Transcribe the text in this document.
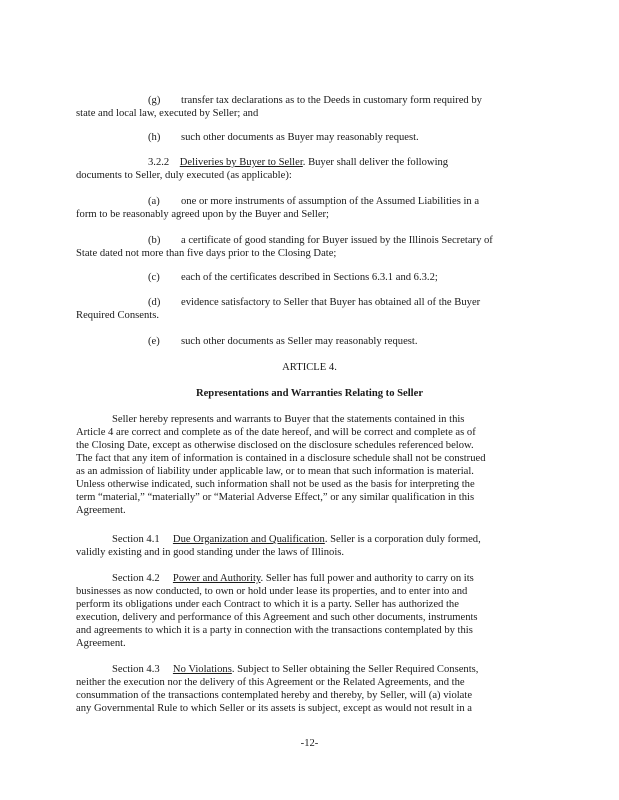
(g) transfer tax declarations as to the Deeds in customary form required by
state and local law, executed by Seller; and
(h) such other documents as Buyer may reasonably request.
3.2.2 Deliveries by Buyer to Seller. Buyer shall deliver the following
documents to Seller, duly executed (as applicable):
(a) one or more instruments of assumption of the Assumed Liabilities in a
form to be reasonably agreed upon by the Buyer and Seller;
(b) a certificate of good standing for Buyer issued by the Illinois Secretary of
State dated not more than five days prior to the Closing Date;
(c) each of the certificates described in Sections 6.3.1 and 6.3.2;
(d) evidence satisfactory to Seller that Buyer has obtained all of the Buyer
Required Consents.
(e) such other documents as Seller may reasonably request.
ARTICLE 4.
Representations and Warranties Relating to Seller
Seller hereby represents and warrants to Buyer that the statements contained in this
Article 4 are correct and complete as of the date hereof, and will be correct and complete as of
the Closing Date, except as otherwise disclosed on the disclosure schedules referenced below.
The fact that any item of information is contained in a disclosure schedule shall not be construed
as an admission of liability under applicable law, or to mean that such information is material.
Unless otherwise indicated, such information shall not be used as the basis for interpreting the
term “material,” “materially” or “Material Adverse Effect,” or any similar qualification in this
Agreement.
Section 4.1 Due Organization and Qualification. Seller is a corporation duly formed,
validly existing and in good standing under the laws of Illinois.
Section 4.2 Power and Authority. Seller has full power and authority to carry on its
businesses as now conducted, to own or hold under lease its properties, and to enter into and
perform its obligations under each Contract to which it is a party. Seller has authorized the
execution, delivery and performance of this Agreement and such other documents, instruments
and agreements to which it is a party in connection with the transactions contemplated by this
Agreement.
Section 4.3 No Violations. Subject to Seller obtaining the Seller Required Consents,
neither the execution nor the delivery of this Agreement or the Related Agreements, and the
consummation of the transactions contemplated hereby and thereby, by Seller, will (a) violate
any Governmental Rule to which Seller or its assets is subject, except as would not result in a
-12-
